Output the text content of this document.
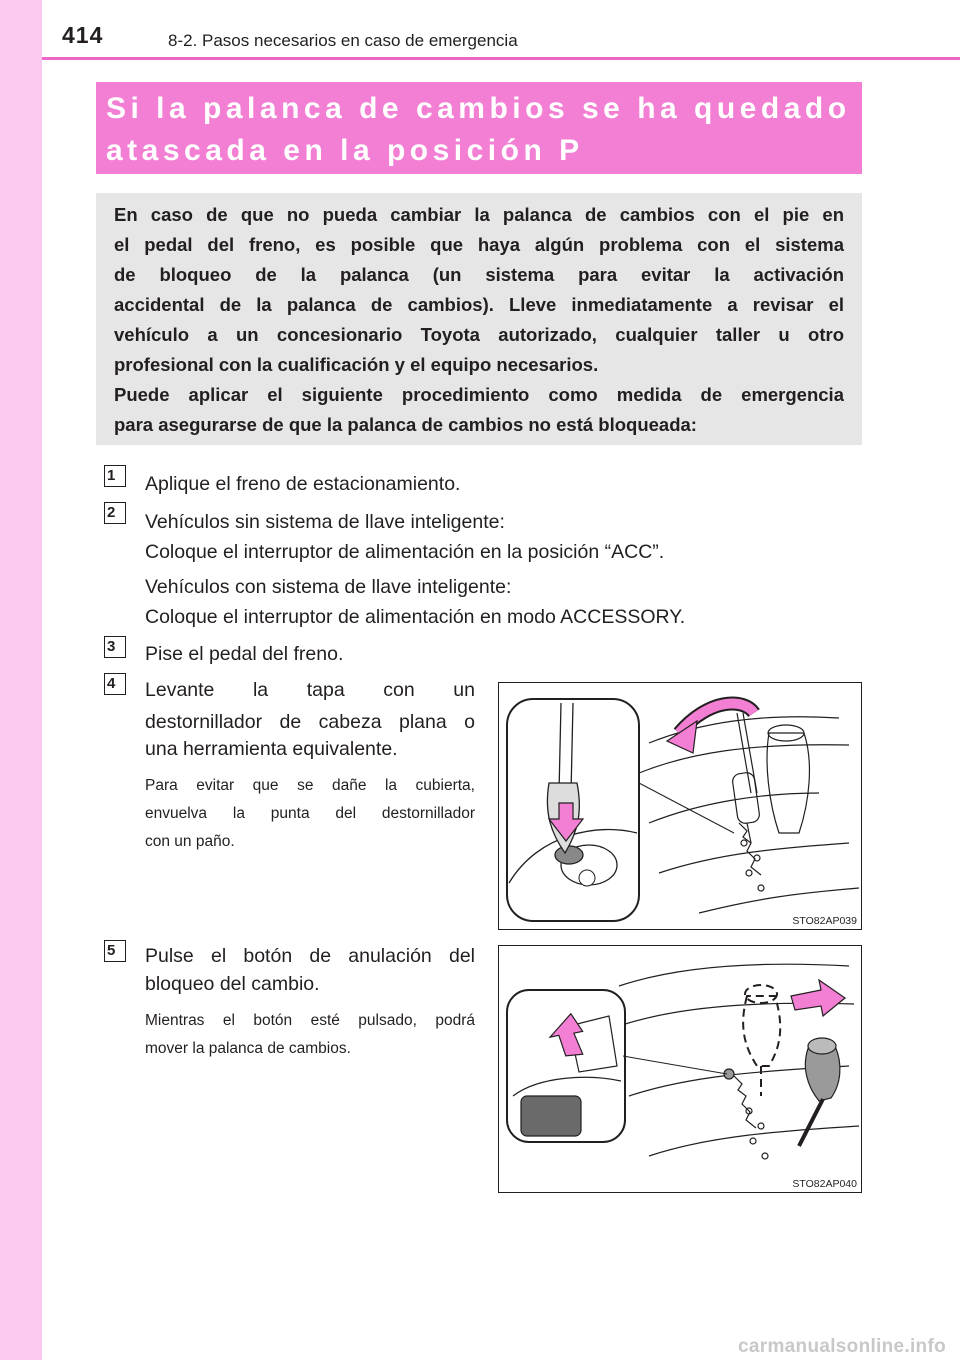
414	8-2. Pasos necesarios en caso de emergencia
Si la palanca de cambios se ha quedado
atascada en la posición P
En caso de que no pueda cambiar la palanca de cambios con el pie en
el pedal del freno, es posible que haya algún problema con el sistema
de bloqueo de la palanca (un sistema para evitar la activación
accidental de la palanca de cambios). Lleve inmediatamente a revisar el
vehículo a un concesionario Toyota autorizado, cualquier taller u otro
profesional con la cualificación y el equipo necesarios.
Puede aplicar el siguiente procedimiento como medida de emergencia
para asegurarse de que la palanca de cambios no está bloqueada:
1	Aplique el freno de estacionamiento.
2	Vehículos sin sistema de llave inteligente:
Coloque el interruptor de alimentación en la posición “ACC”.
Vehículos con sistema de llave inteligente:
Coloque el interruptor de alimentación en modo ACCESSORY.
3	Pise el pedal del freno.
4	Levante la tapa con un
destornillador de cabeza plana o
una herramienta equivalente.
Para evitar que se dañe la cubierta,
envuelva la punta del destornillador
con un paño.
STO82AP039
5	Pulse el botón de anulación del
bloqueo del cambio.
Mientras el botón esté pulsado, podrá
mover la palanca de cambios.
STO82AP040
carmanualsonline.info
